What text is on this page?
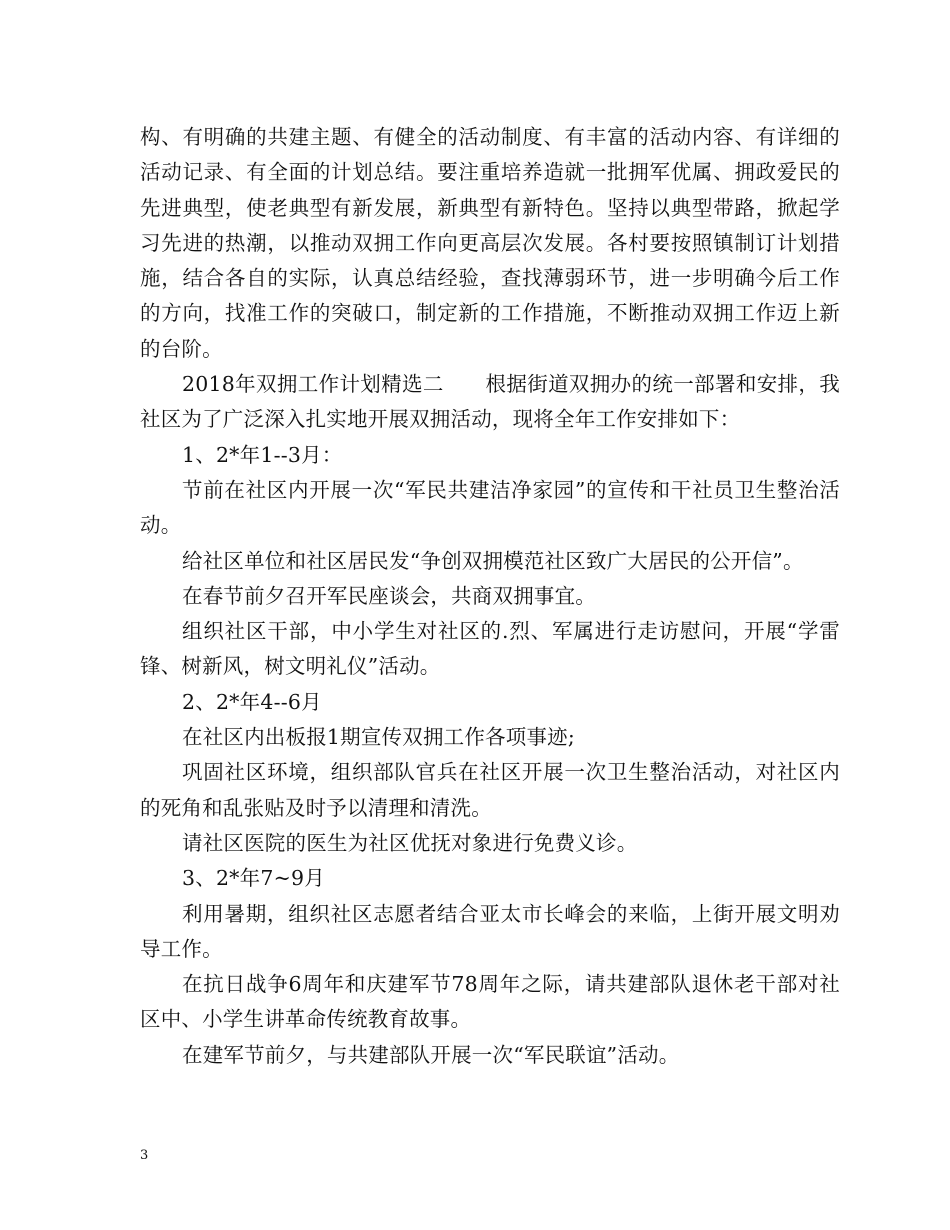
构、有明确的共建主题、有健全的活动制度、有丰富的活动内容、有详细的活动记录、有全面的计划总结。要注重培养造就一批拥军优属、拥政爱民的先进典型，使老典型有新发展，新典型有新特色。坚持以典型带路，掀起学习先进的热潮，以推动双拥工作向更高层次发展。各村要按照镇制订计划措施，结合各自的实际，认真总结经验，查找薄弱环节，进一步明确今后工作的方向，找准工作的突破口，制定新的工作措施，不断推动双拥工作迈上新的台阶。

2018年双拥工作计划精选二　　根据街道双拥办的统一部署和安排，我社区为了广泛深入扎实地开展双拥活动，现将全年工作安排如下：

1、2*年1--3月：

节前在社区内开展一次“军民共建洁净家园”的宣传和干社员卫生整治活动。

给社区单位和社区居民发“争创双拥模范社区致广大居民的公开信”。

在春节前夕召开军民座谈会，共商双拥事宜。

组织社区干部，中小学生对社区的.烈、军属进行走访慰问，开展“学雷锋、树新风，树文明礼仪”活动。

2、2*年4--6月

在社区内出板报1期宣传双拥工作各项事迹;

巩固社区环境，组织部队官兵在社区开展一次卫生整治活动，对社区内的死角和乱张贴及时予以清理和清洗。

请社区医院的医生为社区优抚对象进行免费义诊。

3、2*年7~9月

利用暑期，组织社区志愿者结合亚太市长峰会的来临，上街开展文明劝导工作。

在抗日战争6周年和庆建军节78周年之际，请共建部队退休老干部对社区中、小学生讲革命传统教育故事。

在建军节前夕，与共建部队开展一次“军民联谊”活动。

3
